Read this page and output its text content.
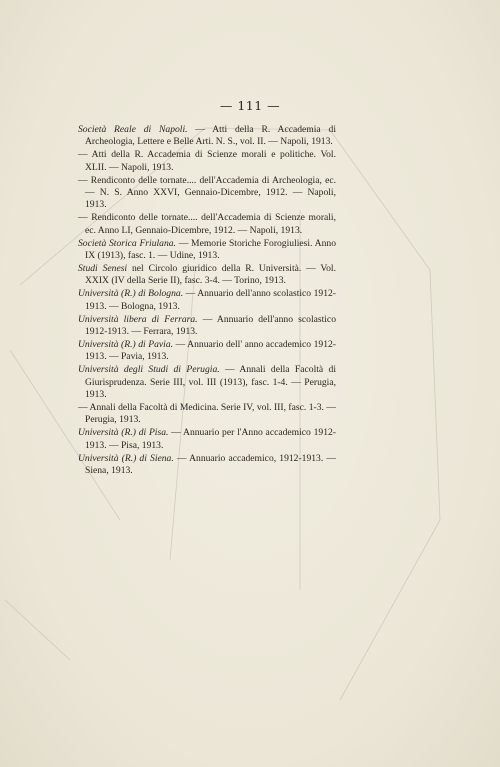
— 111 —

Società Reale di Napoli. — Atti della R. Accademia di Archeologia, Lettere e Belle Arti. N. S., vol. II. — Napoli, 1913.

— Atti della R. Accademia di Scienze morali e politiche. Vol. XLII. — Napoli, 1913.

— Rendiconto delle tornate.... dell'Accademia di Archeologia, ec. — N. S. Anno XXVI, Gennaio-Dicembre, 1912. — Napoli, 1913.

— Rendiconto delle tornate.... dell'Accademia di Scienze morali, ec. Anno LI, Gennaio-Dicembre, 1912. — Napoli, 1913.

Società Storica Friulana. — Memorie Storiche Forogiuliesi. Anno IX (1913), fasc. 1. — Udine, 1913.

Studi Senesi nel Circolo giuridico della R. Università. — Vol. XXIX (IV della Serie II), fasc. 3-4. — Torino, 1913.

Università (R.) di Bologna. — Annuario dell'anno scolastico 1912-1913. — Bologna, 1913.

Università libera di Ferrara. — Annuario dell'anno scolastico 1912-1913. — Ferrara, 1913.

Università (R.) di Pavia. — Annuario dell' anno accademico 1912-1913. — Pavia, 1913.

Università degli Studi di Perugia. — Annali della Facoltà di Giurisprudenza. Serie III, vol. III (1913), fasc. 1-4. — Perugia, 1913.

— Annali della Facoltà di Medicina. Serie IV, vol. III, fasc. 1-3. — Perugia, 1913.

Università (R.) di Pisa. — Annuario per l'Anno accademico 1912-1913. — Pisa, 1913.

Università (R.) di Siena. — Annuario accademico, 1912-1913. — Siena, 1913.
